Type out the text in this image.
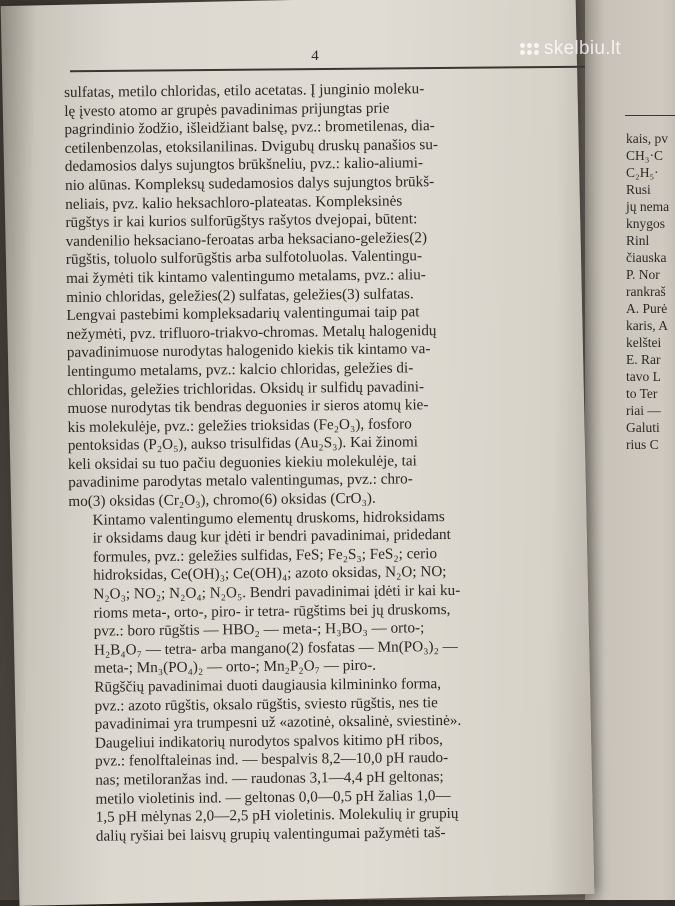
kais, pv
CH₃·C
C₂H₅·
Rusi
jų nema
knygos
Rinl
čiauska
P. Nor
rankraš
A. Purė
karis, A
kelštei
E. Rar
tavo L
to Ter
riai —
Galuti
rius C
4

sulfatas, metilo chloridas, etilo acetatas. Į junginio moleku-
lę įvesto atomo ar grupės pavadinimas prijungtas prie
pagrindinio žodžio, išleidžiant balsę, pvz.: brometilenas, dia-
cetilenbenzolas, etoksilanilinas. Dvigubų druskų panašios su-
dedamosios dalys sujungtos brūkšneliu, pvz.: kalio-aliumi-
nio alūnas. Kompleksų sudedamosios dalys sujungtos brūkš-
neliais, pvz. kalio heksachloro-plateatas. Kompleksinės
rūgštys ir kai kurios sulforūgštys rašytos dvejopai, būtent:
vandenilio heksaciano-feroatas arba heksaciano-geležies(2)
rūgštis, toluolo sulforūgštis arba sulfotoluolas. Valentingu-
mai žymėti tik kintamo valentingumo metalams, pvz.: aliu-
minio chloridas, geležies(2) sulfatas, geležies(3) sulfatas.
Lengvai pastebimi kompleksadarių valentingumai taip pat
nežymėti, pvz. trifluoro-triakvo-chromas. Metalų halogenidų
pavadinimuose nurodytas halogenido kiekis tik kintamo va-
lentingumo metalams, pvz.: kalcio chloridas, geležies di-
chloridas, geležies trichloridas. Oksidų ir sulfidų pavadini-
muose nurodytas tik bendras deguonies ir sieros atomų kie-
kis molekulėje, pvz.: geležies trioksidas (Fe₂O₃), fosforo
pentoksidas (P₂O₅), aukso trisulfidas (Au₂S₃). Kai žinomi
keli oksidai su tuo pačiu deguonies kiekiu molekulėje, tai
pavadinime parodytas metalo valentingumas, pvz.: chro-
mo(3) oksidas (Cr₂O₃), chromo(6) oksidas (CrO₃).

Kintamo valentingumo elementų druskoms, hidroksidams
ir oksidams daug kur įdėti ir bendri pavadinimai, pridedant
formules, pvz.: geležies sulfidas, FeS; Fe₂S₃; FeS₂; cerio
hidroksidas, Ce(OH)₃; Ce(OH)₄; azoto oksidas, N₂O; NO;
N₂O₃; NO₂; N₂O₄; N₂O₅. Bendri pavadinimai įdėti ir kai ku-
rioms meta-, orto-, piro- ir tetra- rūgštims bei jų druskoms,
pvz.: boro rūgštis — HBO₂ — meta-; H₃BO₃ — orto-;
H₂B₄O₇ — tetra- arba mangano(2) fosfatas — Mn(PO₃)₂ —
meta-; Mn₃(PO₄)₂ — orto-; Mn₂P₂O₇ — piro-.

Rūgščių pavadinimai duoti daugiausia kilmininko forma,
pvz.: azoto rūgštis, oksalo rūgštis, sviesto rūgštis, nes tie
pavadinimai yra trumpesni už «azotinė, oksalinė, sviestinė».
Daugeliui indikatorių nurodytos spalvos kitimo pH ribos,
pvz.: fenolftaleinas ind. — bespalvis 8,2—10,0 pH raudo-
nas; metiloranžas ind. — raudonas 3,1—4,4 pH geltonas;
metilo violetinis ind. — geltonas 0,0—0,5 pH žalias 1,0—
1,5 pH mėlynas 2,0—2,5 pH violetinis. Molekulių ir grupių
dalių ryšiai bei laisvų grupių valentingumai pažymėti taš-

skelbiu.lt
